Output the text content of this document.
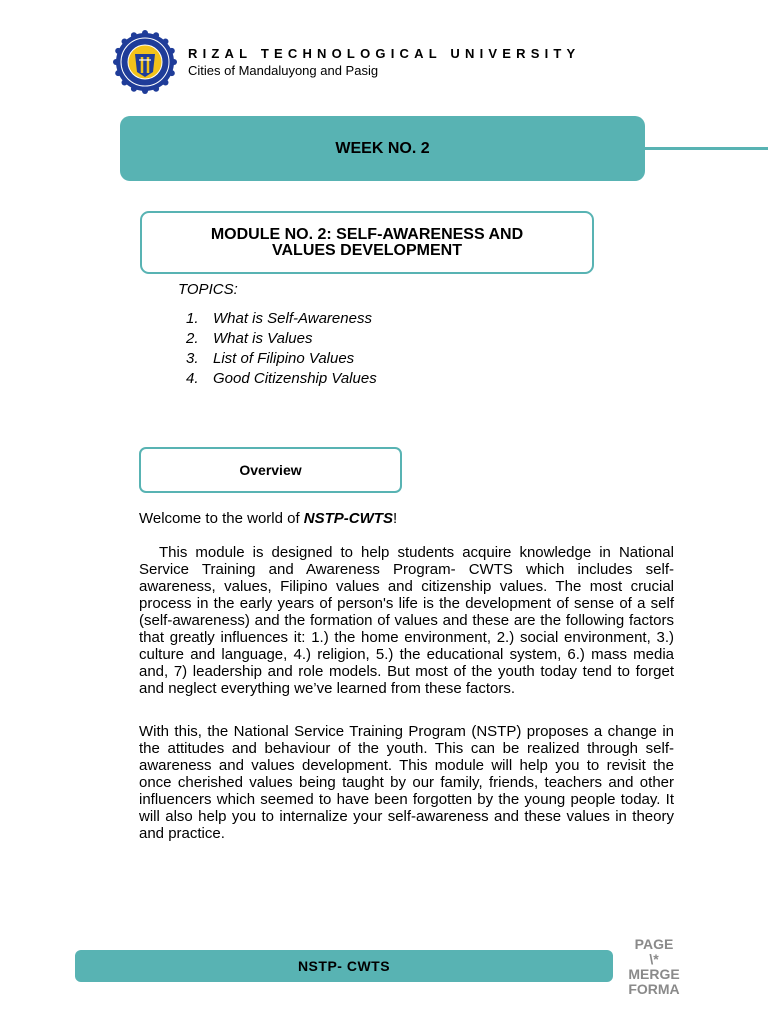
RIZAL TECHNOLOGICAL UNIVERSITY
Cities of Mandaluyong and Pasig
WEEK NO. 2
MODULE NO. 2: SELF-AWARENESS AND VALUES DEVELOPMENT
TOPICS:
1. What is Self-Awareness
2. What is Values
3. List of Filipino Values
4. Good Citizenship Values
Overview
Welcome to the world of NSTP-CWTS!

This module is designed to help students acquire knowledge in National Service Training and Awareness Program- CWTS which includes self-awareness, values, Filipino values and citizenship values. The most crucial process in the early years of person's life is the development of sense of a self (self-awareness) and the formation of values and these are the following factors that greatly influences it: 1.) the home environment, 2.) social environment, 3.) culture and language, 4.) religion, 5.) the educational system, 6.) mass media and, 7) leadership and role models. But most of the youth today tend to forget and neglect everything we’ve learned from these factors.

With this, the National Service Training Program (NSTP) proposes a change in the attitudes and behaviour of the youth. This can be realized through self-awareness and values development. This module will help you to revisit the once cherished values being taught by our family, friends, teachers and other influencers which seemed to have been forgotten by the young people today. It will also help you to internalize your self-awareness and these values in theory and practice.

NSTP- CWTS
PAGE
\*
MERGE
FORMA
